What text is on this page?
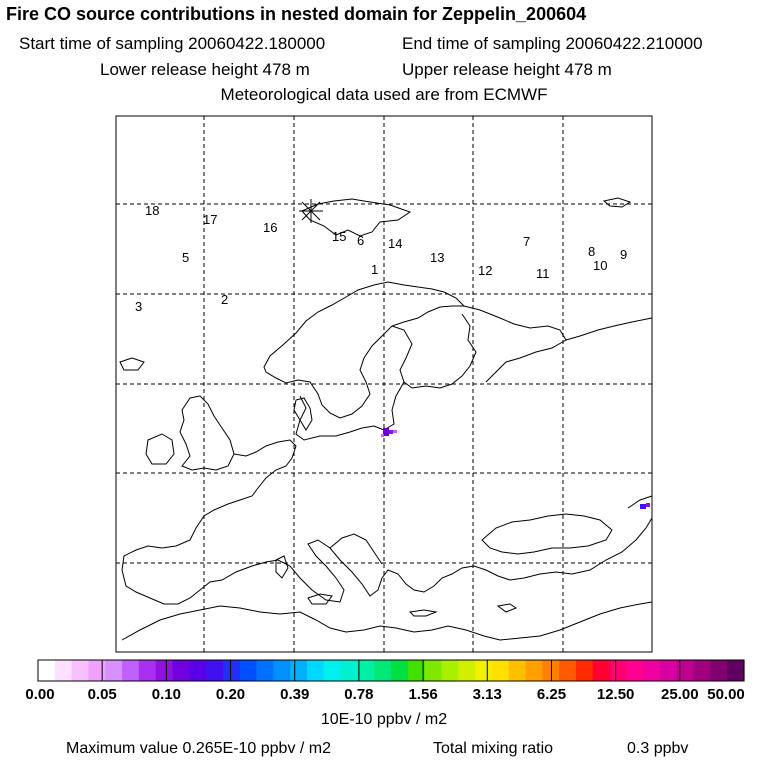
Fire CO source contributions in nested domain for Zeppelin_200604
Start time of sampling 20060422.180000	End time of sampling 20060422.210000
Lower release height 478 m	Upper release height 478 m
Meteorological data used are from ECMWF
18
17
16
15 6 14
1
13
12	11
7
8
10
9
5
3	2
0.00 0.05 0.10 0.20 0.39 0.78 1.56 3.13 6.25 12.50 25.00 50.00
10E-10 ppbv / m2
Maximum value 0.265E-10 ppbv / m2	Total mixing ratio	0.3 ppbv
